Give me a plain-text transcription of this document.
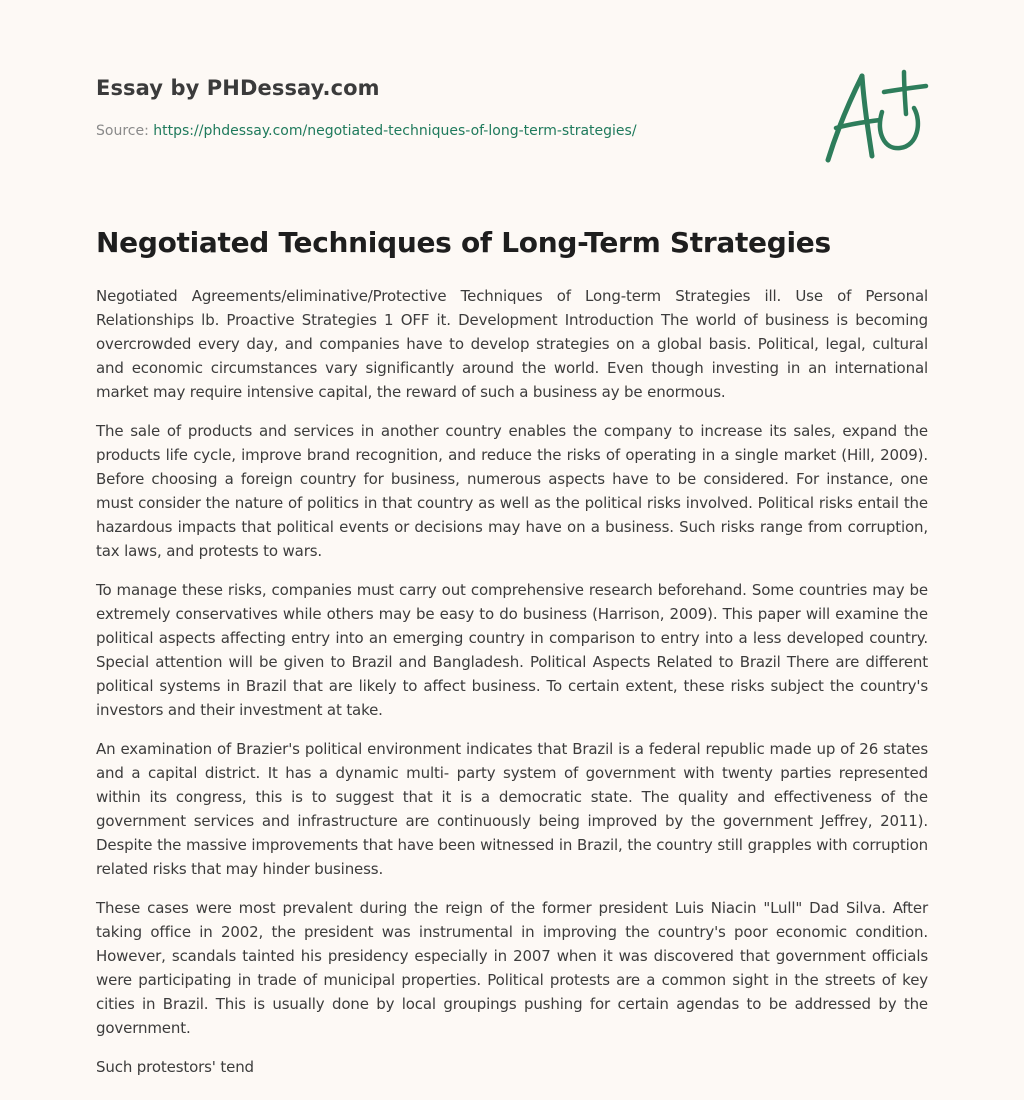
Essay by PHDessay.com
Source: https://phdessay.com/negotiated-techniques-of-long-term-strategies/
Negotiated Techniques of Long-Term Strategies

Negotiated Agreements/eliminative/Protective Techniques of Long-term Strategies ill. Use of Personal Relationships lb. Proactive Strategies 1 OFF it. Development Introduction The world of business is becoming overcrowded every day, and companies have to develop strategies on a global basis. Political, legal, cultural and economic circumstances vary significantly around the world. Even though investing in an international market may require intensive capital, the reward of such a business ay be enormous.

The sale of products and services in another country enables the company to increase its sales, expand the products life cycle, improve brand recognition, and reduce the risks of operating in a single market (Hill, 2009). Before choosing a foreign country for business, numerous aspects have to be considered. For instance, one must consider the nature of politics in that country as well as the political risks involved. Political risks entail the hazardous impacts that political events or decisions may have on a business. Such risks range from corruption, tax laws, and protests to wars.

To manage these risks, companies must carry out comprehensive research beforehand. Some countries may be extremely conservatives while others may be easy to do business (Harrison, 2009). This paper will examine the political aspects affecting entry into an emerging country in comparison to entry into a less developed country. Special attention will be given to Brazil and Bangladesh. Political Aspects Related to Brazil There are different political systems in Brazil that are likely to affect business. To certain extent, these risks subject the country's investors and their investment at take.

An examination of Brazier's political environment indicates that Brazil is a federal republic made up of 26 states and a capital district. It has a dynamic multi- party system of government with twenty parties represented within its congress, this is to suggest that it is a democratic state. The quality and effectiveness of the government services and infrastructure are continuously being improved by the government Jeffrey, 2011). Despite the massive improvements that have been witnessed in Brazil, the country still grapples with corruption related risks that may hinder business.

These cases were most prevalent during the reign of the former president Luis Niacin "Lull" Dad Silva. After taking office in 2002, the president was instrumental in improving the country's poor economic condition. However, scandals tainted his presidency especially in 2007 when it was discovered that government officials were participating in trade of municipal properties. Political protests are a common sight in the streets of key cities in Brazil. This is usually done by local groupings pushing for certain agendas to be addressed by the government.

Such protestors' tend
